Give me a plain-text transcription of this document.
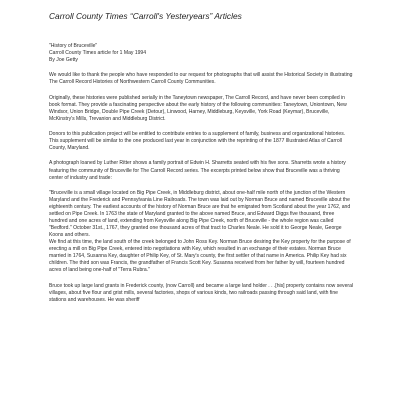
Carroll County Times “Carroll's Yesteryears” Articles
"History of Bruceville"
Carroll County Times article for 1 May 1994
By Joe Getty

We would like to thank the people who have responded to our request for photographs that will assist the Historical Society in illustrating The Carroll Record Histories of Northwestern Carroll County Communities.

Originally, these histories were published serially in the Taneytown newspaper, The Carroll Record, and have never been compiled in book format. They provide a fascinating perspective about the early history of the following communities: Taneytown, Uniontown, New Windsor, Union Bridge, Double Pipe Creek (Detour), Linwood, Harney, Middleburg, Keysville, York Road (Keymar), Bruceville, McKinstry's Mills, Trevanion and Middleburg District.

Donors to this publication project will be entitled to contribute entries to a supplement of family, business and organizational histories. This supplement will be similar to the one produced last year in conjunction with the reprinting of the 1877 Illustrated Atlas of Carroll County, Maryland.

A photograph loaned by Luther Ritter shows a family portrait of Edwin H. Sharretts seated with his five sons. Sharretts wrote a history featuring the community of Bruceville for The Carroll Record series. The excerpts printed below show that Bruceville was a thriving center of industry and trade:

"Bruceville is a small village located on Big Pipe Creek, in Middleburg district, about one-half mile north of the junction of the Western Maryland and the Frederick and Pennsylvania Line Railroads. The town was laid out by Norman Bruce and named Bruceville about the eighteenth century. The earliest accounts of the history of Norman Bruce are that he emigrated from Scotland about the year 1762, and settled on Pipe Creek. In 1763 the state of Maryland granted to the above named Bruce, and Edward Diggs five thousand, three hundred and one acres of land, extending from Keysville along Big Pipe Creek, north of Bruceville - the whole region was called "Bedford." October 31st., 1767, they granted one thousand acres of that tract to Charles Neale. He sold it to George Neale, George Koons and others.

We find at this time, the land south of the creek belonged to John Ross Key. Norman Bruce desiring the Key property for the purpose of erecting a mill on Big Pipe Creek, entered into negotiations with Key, which resulted in an exchange of their estates. Norman Bruce married in 1764, Susanna Key, daughter of Philip Key, of St. Mary's county, the first settler of that name in America. Philip Key had six children. The third son was Francis, the grandfather of Francis Scott Key. Susanna received from her father by will, fourteen hundred acres of land being one-half of "Terra Rubra."

Bruce took up large land grants in Frederick county, (now Carroll) and became a large land holder . . .[his] property contains now several villages, about five flour and grist mills, several factories, shops of various kinds, two railroads passing through said land, with fine stations and warehouses. He was sheriff
